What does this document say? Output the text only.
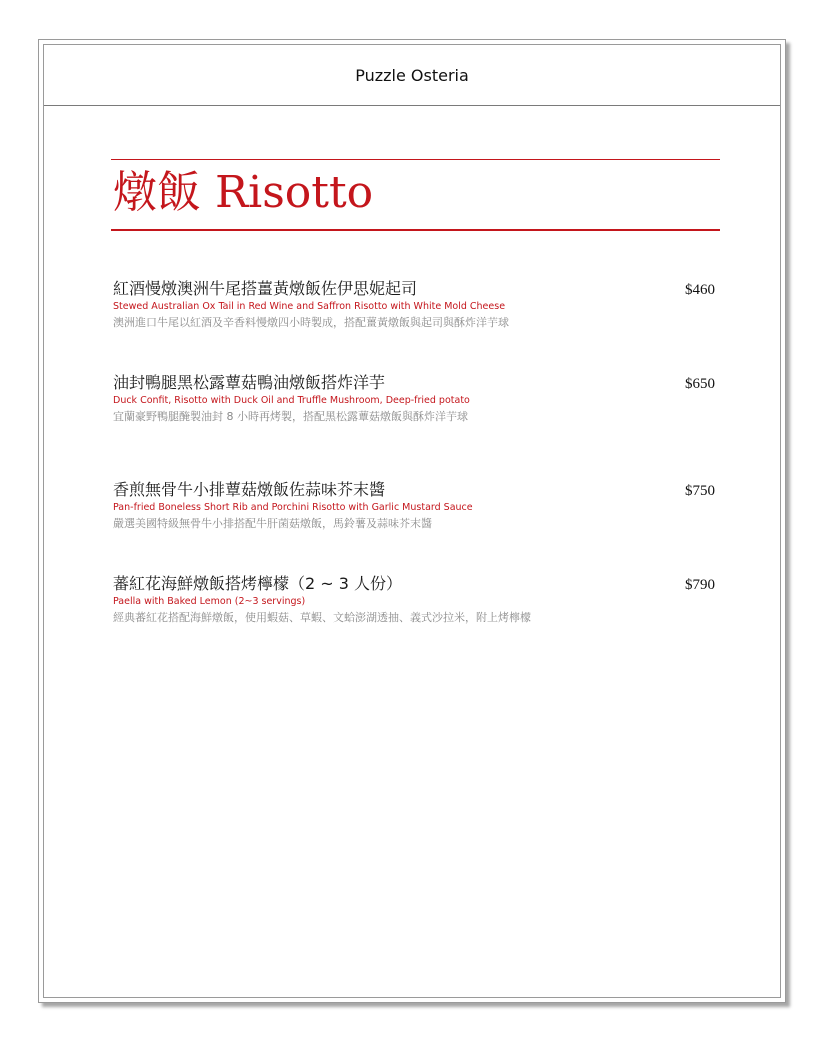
Puzzle Osteria
燉飯 Risotto
紅酒慢燉澳洲牛尾搭薑黃燉飯佐伊思妮起司	$460
Stewed Australian Ox Tail in Red Wine and Saffron Risotto with White Mold Cheese
澳洲進口牛尾以紅酒及辛香料慢燉四小時製成，搭配薑黃燉飯與起司與酥炸洋芋球
油封鴨腿黑松露蕈菇鴨油燉飯搭炸洋芋	$650
Duck Confit, Risotto with Duck Oil and Truffle Mushroom, Deep-fried potato
宜蘭豪野鴨腿醃製油封 8 小時再烤製，搭配黑松露蕈菇燉飯與酥炸洋芋球
香煎無骨牛小排蕈菇燉飯佐蒜味芥末醬	$750
Pan-fried Boneless Short Rib and Porchini Risotto with Garlic Mustard Sauce
嚴選美國特級無骨牛小排搭配牛肝菌菇燉飯，馬鈴薯及蒜味芥末醬
蕃紅花海鮮燉飯搭烤檸檬（2 ~ 3 人份）	$790
Paella with Baked Lemon (2~3 servings)
經典蕃紅花搭配海鮮燉飯，使用蝦菇、草蝦、文蛤澎湖透抽、義式沙拉米，附上烤檸檬
